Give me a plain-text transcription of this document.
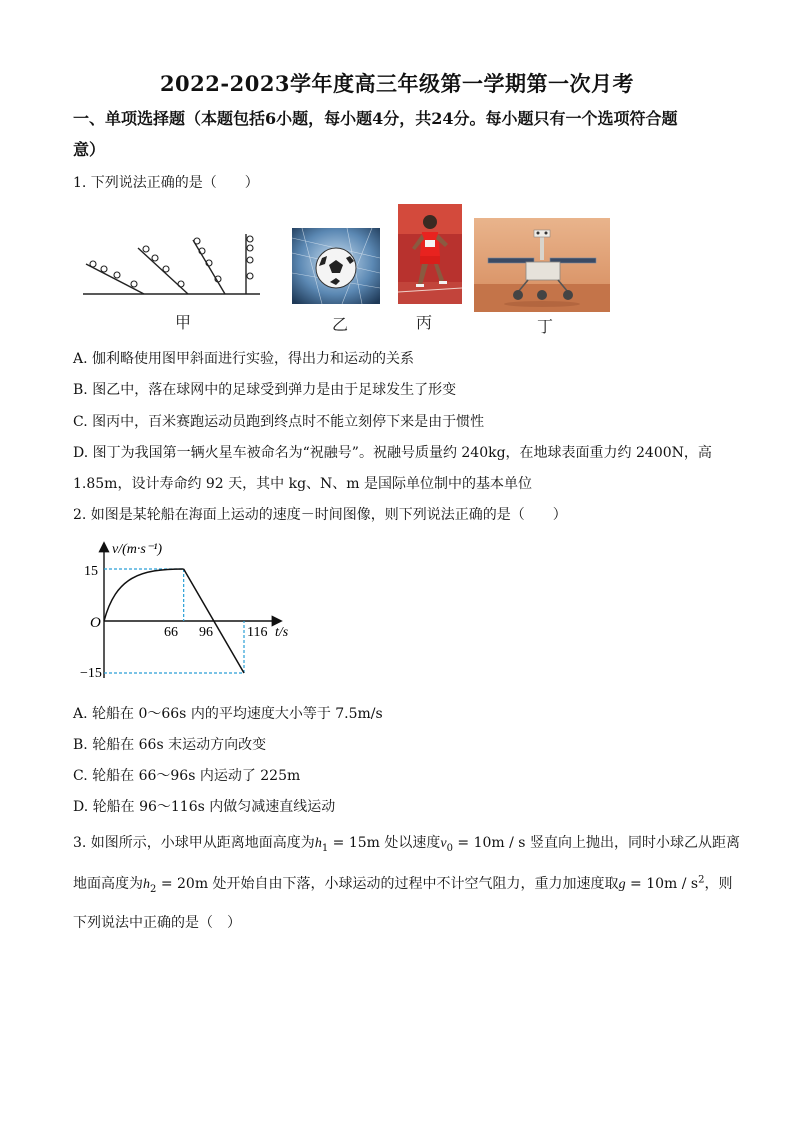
2022-2023学年度高三年级第一学期第一次月考
一、单项选择题（本题包括6小题，每小题4分，共24分。每小题只有一个选项符合题
意）
1. 下列说法正确的是（　　）
甲	乙	丙	丁
A. 伽利略使用图甲斜面进行实验，得出力和运动的关系
B. 图乙中，落在球网中的足球受到弹力是由于足球发生了形变
C. 图丙中，百米赛跑运动员跑到终点时不能立刻停下来是由于惯性
D. 图丁为我国第一辆火星车被命名为“祝融号”。祝融号质量约 240kg，在地球表面重力约 2400N，高
1.85m，设计寿命约 92 天，其中 kg、N、m 是国际单位制中的基本单位
2. 如图是某轮船在海面上运动的速度－时间图像，则下列说法正确的是（　　）
O
v/(m·s⁻¹)
t/s
15
−15
66 96 116
A. 轮船在 0～66s 内的平均速度大小等于 7.5m/s
B. 轮船在 66s 末运动方向改变
C. 轮船在 66～96s 内运动了 225m
D. 轮船在 96～116s 内做匀减速直线运动
3. 如图所示，小球甲从距离地面高度为$h_1 = 15m$ 处以速度$v_0 = 10m / s$ 竖直向上抛出，同时小球乙从距离
地面高度为$h_2 = 20m$ 处开始自由下落，小球运动的过程中不计空气阻力，重力加速度取$g = 10m / s^2$，则
下列说法中正确的是（　）
